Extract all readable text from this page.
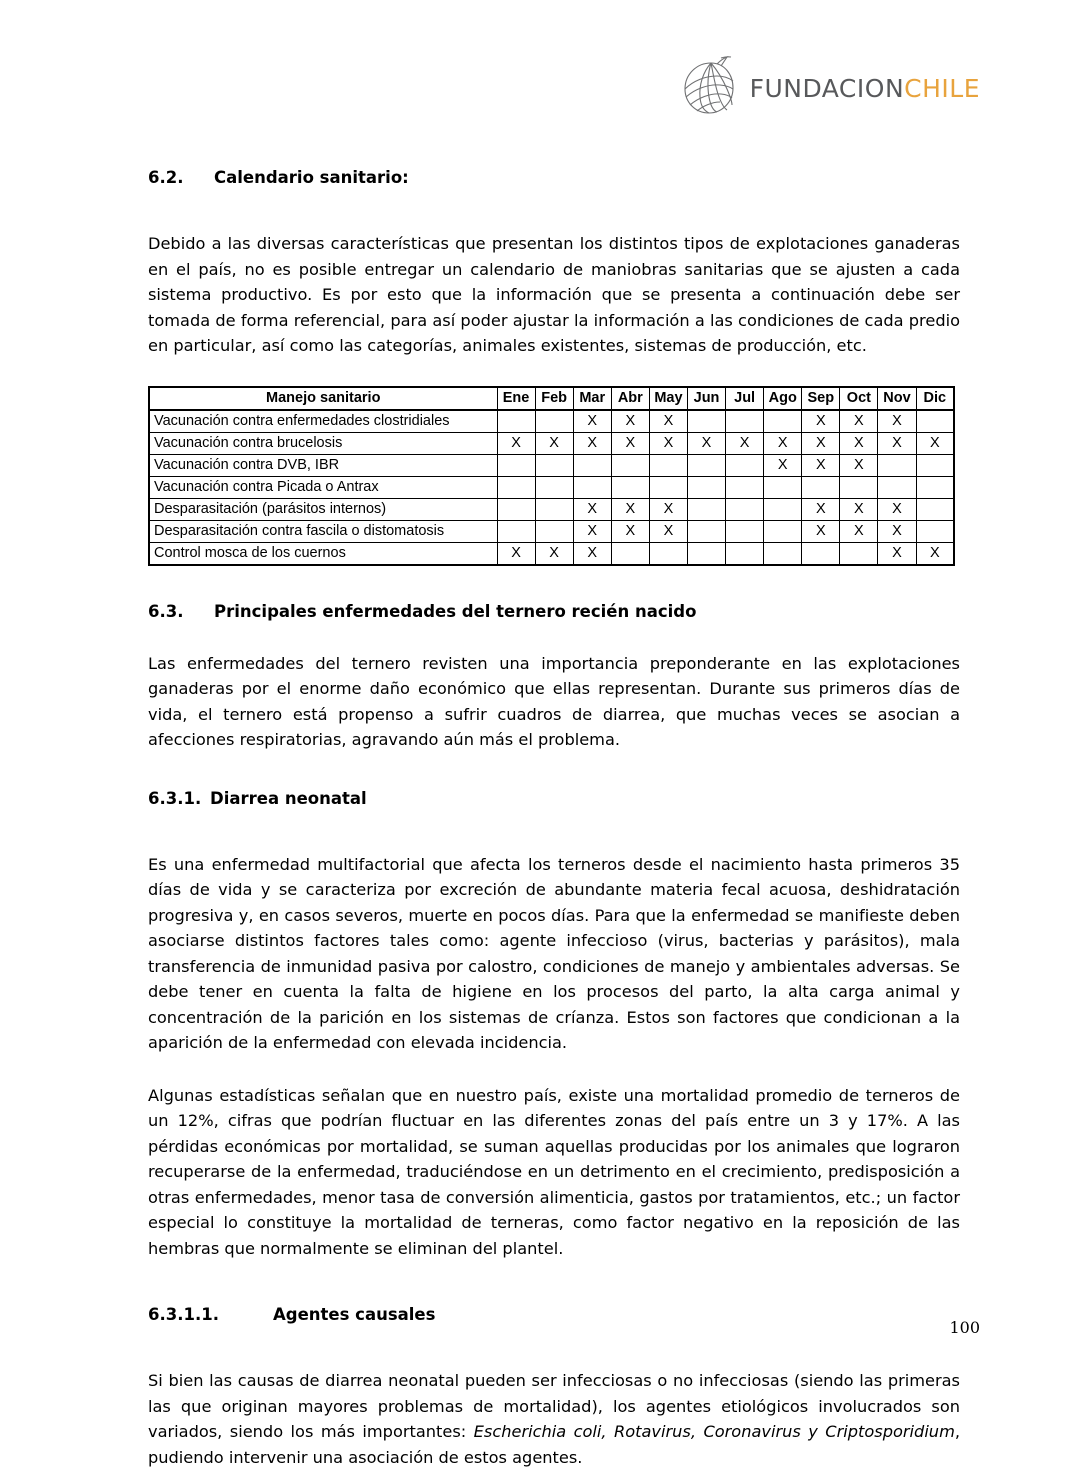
FUNDACIONCHILE
6.2.	Calendario sanitario:

Debido a las diversas características que presentan los distintos tipos de explotaciones ganaderas en el país, no es posible entregar un calendario de maniobras sanitarias que se ajusten a cada sistema productivo. Es por esto que la información que se presenta a continuación debe ser tomada de forma referencial, para así poder ajustar la información a las condiciones de cada predio en particular, así como las categorías, animales existentes, sistemas de producción, etc.

Manejo sanitario	Ene	Feb	Mar	Abr	May	Jun	Jul	Ago	Sep	Oct	Nov	Dic
Vacunación contra enfermedades clostridiales			X	X	X				X	X	X	
Vacunación contra brucelosis	X	X	X	X	X	X	X	X	X	X	X	X
Vacunación contra DVB, IBR								X	X	X		
Vacunación contra Picada o Antrax												
Desparasitación (parásitos internos)			X	X	X				X	X	X	
Desparasitación contra fascila o distomatosis			X	X	X				X	X	X	
Control mosca de los cuernos	X	X	X								X	X
6.3.	Principales enfermedades del ternero recién nacido

Las enfermedades del ternero revisten una importancia preponderante en las explotaciones ganaderas por el enorme daño económico que ellas representan. Durante sus primeros días de vida, el ternero está propenso a sufrir cuadros de diarrea, que muchas veces se asocian a afecciones respiratorias, agravando aún más el problema.

6.3.1. Diarrea neonatal

Es una enfermedad multifactorial que afecta los terneros desde el nacimiento hasta primeros 35 días de vida y se caracteriza por excreción de abundante materia fecal acuosa, deshidratación progresiva y, en casos severos, muerte en pocos días. Para que la enfermedad se manifieste deben asociarse distintos factores tales como: agente infeccioso (virus, bacterias y parásitos), mala transferencia de inmunidad pasiva por calostro, condiciones de manejo y ambientales adversas. Se debe tener en cuenta la falta de higiene en los procesos del parto, la alta carga animal y concentración de la parición en los sistemas de críanza. Estos son factores que condicionan a la aparición de la enfermedad con elevada incidencia.

Algunas estadísticas señalan que en nuestro país, existe una mortalidad promedio de terneros de un 12%, cifras que podrían fluctuar en las diferentes zonas del país entre un 3 y 17%. A las pérdidas económicas por mortalidad, se suman aquellas producidas por los animales que lograron recuperarse de la enfermedad, traduciéndose en un detrimento en el crecimiento, predisposición a otras enfermedades, menor tasa de conversión alimenticia, gastos por tratamientos, etc.; un factor especial lo constituye la mortalidad de terneras, como factor negativo en la reposición de las hembras que normalmente se eliminan del plantel.

6.3.1.1.	Agentes causales

Si bien las causas de diarrea neonatal pueden ser infecciosas o no infecciosas (siendo las primeras las que originan mayores problemas de mortalidad), los agentes etiológicos involucrados son variados, siendo los más importantes: Escherichia coli, Rotavirus, Coronavirus y Criptosporidium, pudiendo intervenir una asociación de estos agentes.

100
